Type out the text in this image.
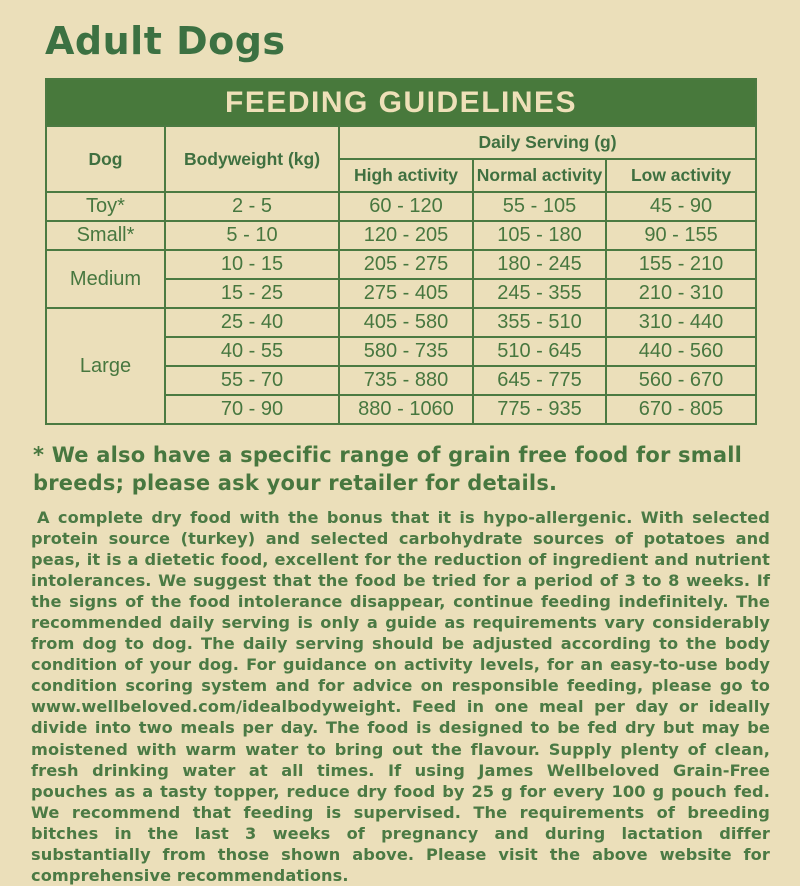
Adult Dogs
FEEDING GUIDELINES				
Dog	Bodyweight (kg)	Daily Serving (g)		
		High activity	Normal activity	Low activity
Toy*	2 - 5	60 - 120	55 - 105	45 - 90
Small*	5 - 10	120 - 205	105 - 180	90 - 155
Medium	10 - 15	205 - 275	180 - 245	155 - 210
	15 - 25	275 - 405	245 - 355	210 - 310
Large	25 - 40	405 - 580	355 - 510	310 - 440
	40 - 55	580 - 735	510 - 645	440 - 560
	55 - 70	735 - 880	645 - 775	560 - 670
	70 - 90	880 - 1060	775 - 935	670 - 805

* We also have a specific range of grain free food for small breeds; please ask your retailer for details.

A complete dry food with the bonus that it is hypo-allergenic. With selected protein source (turkey) and selected carbohydrate sources of potatoes and peas, it is a dietetic food, excellent for the reduction of ingredient and nutrient intolerances. We suggest that the food be tried for a period of 3 to 8 weeks. If the signs of the food intolerance disappear, continue feeding indefinitely. The recommended daily serving is only a guide as requirements vary considerably from dog to dog. The daily serving should be adjusted according to the body condition of your dog. For guidance on activity levels, for an easy-to-use body condition scoring system and for advice on responsible feeding, please go to www.wellbeloved.com/idealbodyweight. Feed in one meal per day or ideally divide into two meals per day. The food is designed to be fed dry but may be moistened with warm water to bring out the flavour. Supply plenty of clean, fresh drinking water at all times. If using James Wellbeloved Grain-Free pouches as a tasty topper, reduce dry food by 25 g for every 100 g pouch fed. We recommend that feeding is supervised. The requirements of breeding bitches in the last 3 weeks of pregnancy and during lactation differ substantially from those shown above. Please visit the above website for comprehensive recommendations.
